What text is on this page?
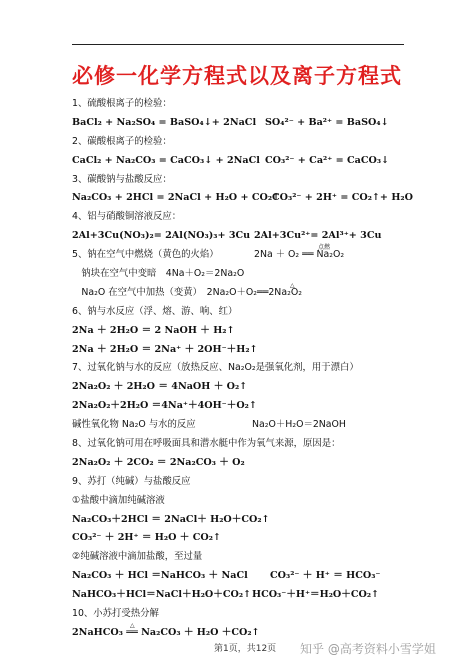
必修一化学方程式以及离子方程式
1、硫酸根离子的检验：
BaCl₂ + Na₂SO₄ = BaSO₄↓+ 2NaCl SO₄²⁻ + Ba²⁺ = BaSO₄↓
2、碳酸根离子的检验：
CaCl₂ + Na₂CO₃ = CaCO₃↓ + 2NaCl CO₃²⁻ + Ca²⁺ = CaCO₃↓
3、碳酸钠与盐酸反应：
Na₂CO₃ + 2HCl = 2NaCl + H₂O + CO₂↑
CO₃²⁻ + 2H⁺ = CO₂↑+ H₂O
4、铝与硝酸铜溶液反应：
2Al+3Cu(NO₃)₂= 2Al(NO₃)₃+ 3Cu 2Al+3Cu²⁺= 2Al³⁺+ 3Cu
5、钠在空气中燃烧（黄色的火焰）	2Na ＋ O₂ ══ Na₂O₂
点燃
　钠块在空气中变暗　4Na＋O₂＝2Na₂O
　Na₂O 在空气中加热（变黄）　2Na₂O＋O₂══2Na₂O₂
△
6、钠与水反应（浮、熔、游、响、红）
2Na ＋ 2H₂O ＝ 2 NaOH ＋ H₂↑
2Na ＋ 2H₂O ＝ 2Na⁺ ＋ 2OH⁻＋H₂↑
7、过氧化钠与水的反应（放热反应、Na₂O₂是强氧化剂，用于漂白）
2Na₂O₂ ＋ 2H₂O ＝ 4NaOH ＋ O₂↑
2Na₂O₂＋2H₂O ＝4Na⁺＋4OH⁻＋O₂↑
碱性氧化物 Na₂O 与水的反应	Na₂O＋H₂O＝2NaOH
8、过氧化钠可用在呼吸面具和潜水艇中作为氧气来源，原因是：
2Na₂O₂ ＋ 2CO₂ ＝ 2Na₂CO₃ ＋ O₂
9、苏打（纯碱）与盐酸反应
①盐酸中滴加纯碱溶液
Na₂CO₃＋2HCl ＝ 2NaCl＋ H₂O＋CO₂↑
CO₃²⁻ ＋ 2H⁺ ＝ H₂O ＋ CO₂↑
②纯碱溶液中滴加盐酸，至过量
Na₂CO₃ ＋ HCl ＝NaHCO₃ ＋ NaCl CO₃²⁻ ＋ H⁺ ＝ HCO₃⁻
NaHCO₃＋HCl＝NaCl＋H₂O＋CO₂↑ HCO₃⁻＋H⁺＝H₂O＋CO₂↑
10、小苏打受热分解
2NaHCO₃ ══ Na₂CO₃ ＋ H₂O ＋CO₂↑
△
第1页，共12页 知乎 @高考资料小雪学姐
